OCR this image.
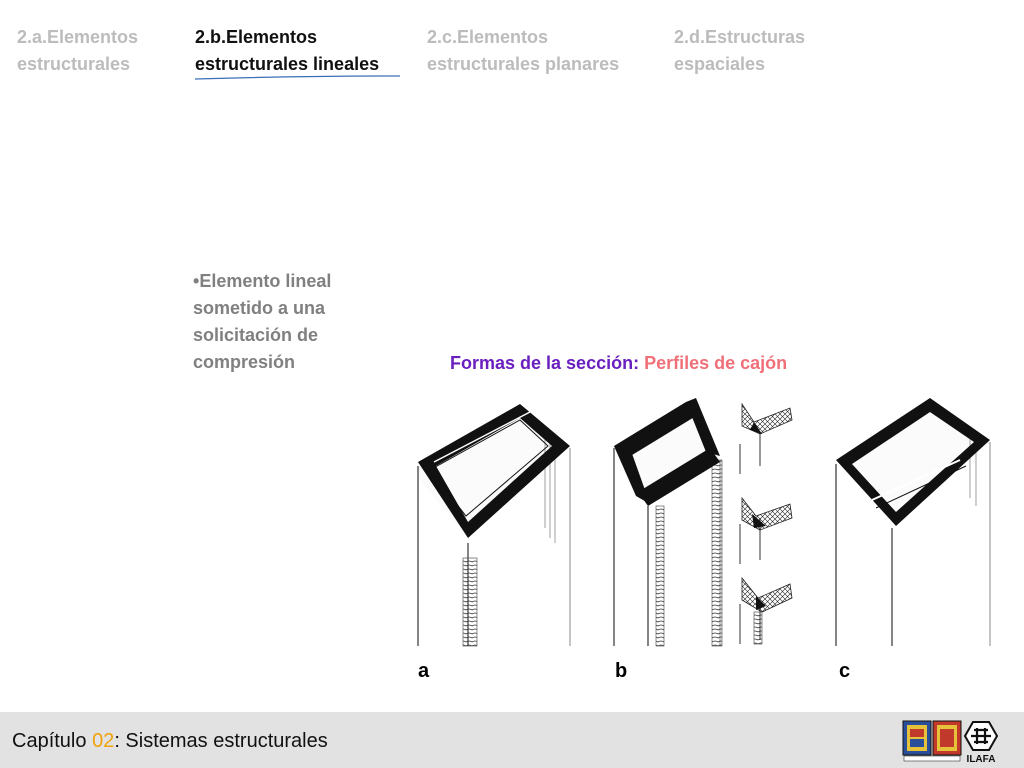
2.a.Elementos
estructurales
2.b.Elementos
estructurales lineales
2.c.Elementos
estructurales planares
2.d.Estructuras
espaciales
•Elemento lineal
sometido a una
solicitación de
compresión	Formas de la sección: Perfiles de cajón
a	b	c
Capítulo 02: Sistemas estructurales
ILAFA
